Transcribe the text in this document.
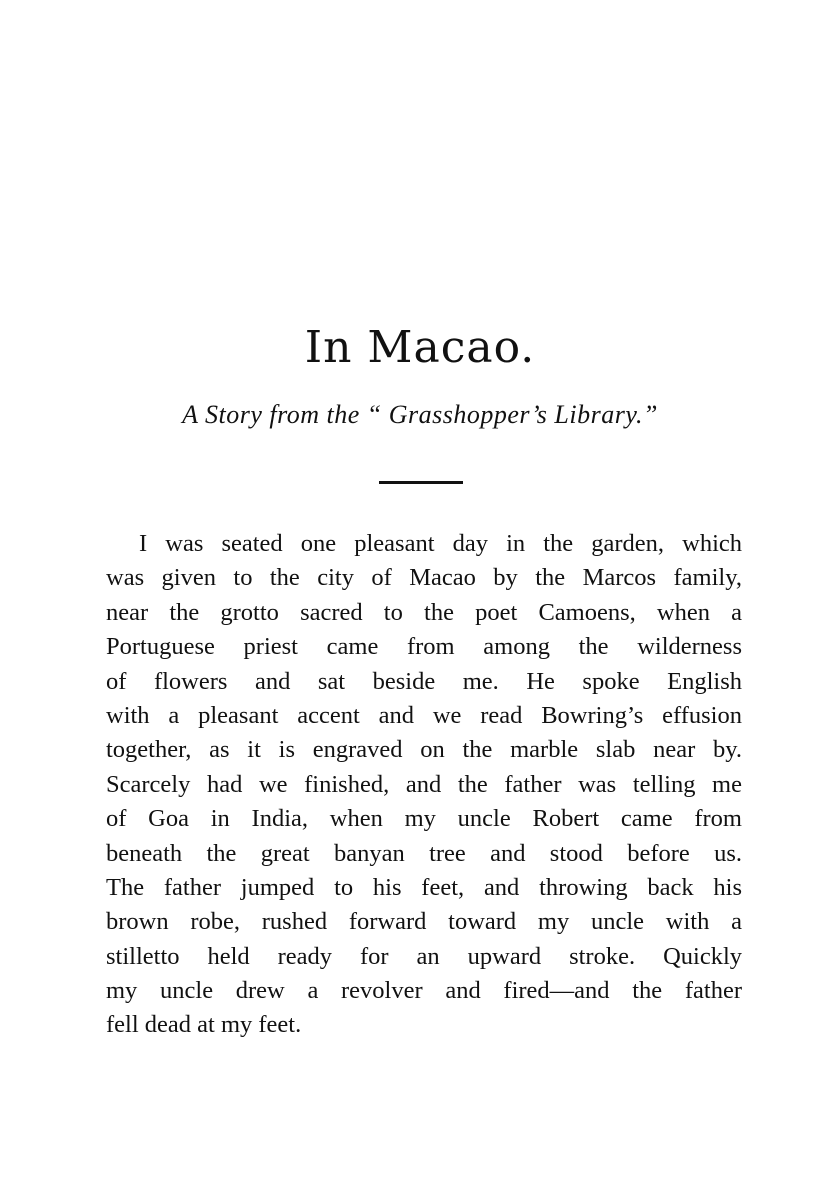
In Macao.
A Story from the “ Grasshopper’s Library.”
I was seated one pleasant day in the garden, which
was given to the city of Macao by the Marcos family,
near the grotto sacred to the poet Camoens, when a
Portuguese priest came from among the wilderness
of flowers and sat beside me. He spoke English
with a pleasant accent and we read Bowring’s effusion
together, as it is engraved on the marble slab near by.
Scarcely had we finished, and the father was telling me
of Goa in India, when my uncle Robert came from
beneath the great banyan tree and stood before us.
The father jumped to his feet, and throwing back his
brown robe, rushed forward toward my uncle with a
stilletto held ready for an upward stroke. Quickly
my uncle drew a revolver and fired—and the father
fell dead at my feet.
